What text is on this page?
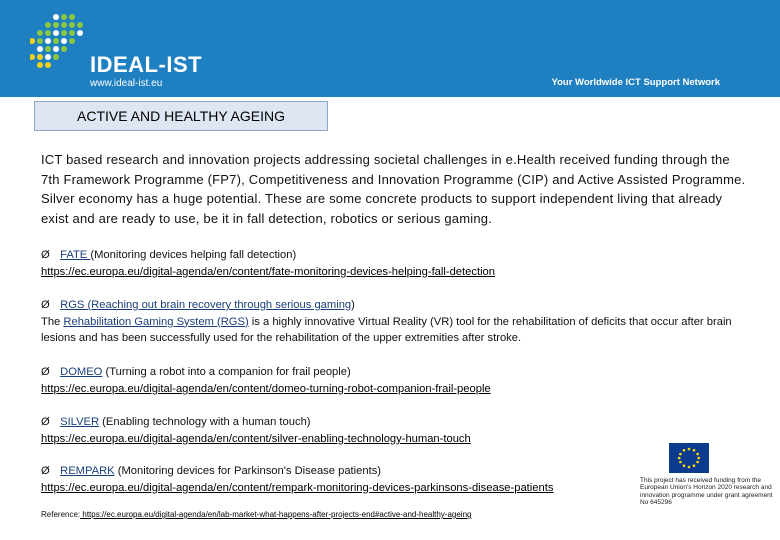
IDEAL-IST
www.ideal-ist.eu	Your Worldwide ICT Support Network
ACTIVE AND HEALTHY AGEING
ICT based research and innovation projects addressing societal challenges in e.Health received funding through the 7th Framework Programme (FP7), Competitiveness and Innovation Programme (CIP) and Active Assisted Programme. Silver economy has a huge potential. These are some concrete products to support independent living that already exist and are ready to use, be it in fall detection, robotics or serious gaming.
Ø FATE (Monitoring devices helping fall detection)
https://ec.europa.eu/digital-agenda/en/content/fate-monitoring-devices-helping-fall-detection
Ø RGS (Reaching out brain recovery through serious gaming)
The Rehabilitation Gaming System (RGS) is a highly innovative Virtual Reality (VR) tool for the rehabilitation of deficits that occur after brain lesions and has been successfully used for the rehabilitation of the upper extremities after stroke.
Ø DOMEO (Turning a robot into a companion for frail people)
https://ec.europa.eu/digital-agenda/en/content/domeo-turning-robot-companion-frail-people
Ø SILVER (Enabling technology with a human touch)
https://ec.europa.eu/digital-agenda/en/content/silver-enabling-technology-human-touch
Ø REMPARK (Monitoring devices for Parkinson's Disease patients)
https://ec.europa.eu/digital-agenda/en/content/rempark-monitoring-devices-parkinsons-disease-patients
This project has received funding from the European Union's Horizon 2020 research and innovation programme under grant agreement No 645296
Reference: https://ec.europa.eu/digital-agenda/en/lab-market-what-happens-after-projects-end#active-and-healthy-ageing
